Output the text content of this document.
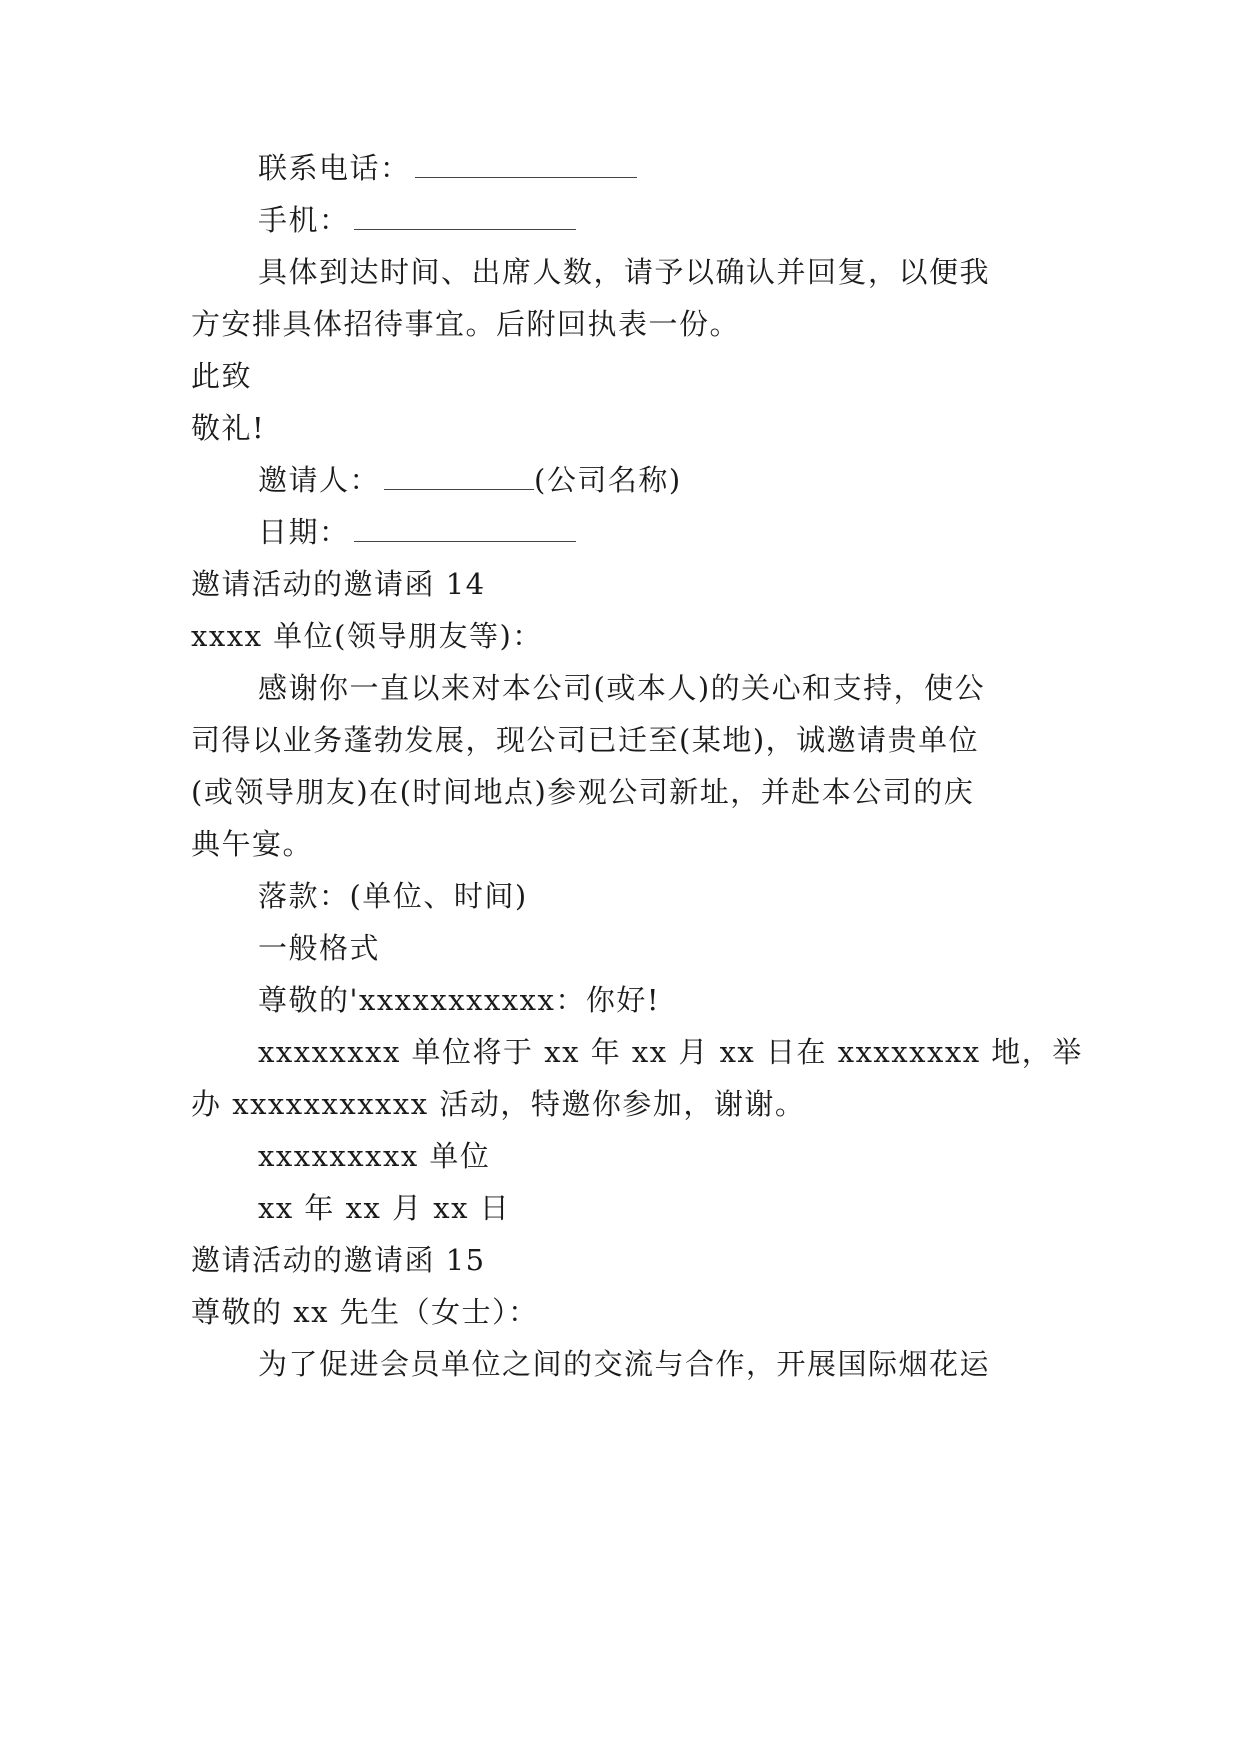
联系电话：
手机：
具体到达时间、出席人数，请予以确认并回复，以便我
方安排具体招待事宜。后附回执表一份。
此致
敬礼!
邀请人：	(公司名称)
日期：
邀请活动的邀请函 14
xxxx 单位(领导朋友等)：
感谢你一直以来对本公司(或本人)的关心和支持，使公
司得以业务蓬勃发展，现公司已迁至(某地)，诚邀请贵单位
(或领导朋友)在(时间地点)参观公司新址，并赴本公司的庆
典午宴。
落款：(单位、时间)
一般格式
尊敬的'xxxxxxxxxxx：你好!
xxxxxxxx 单位将于 xx 年 xx 月 xx 日在 xxxxxxxx 地，举
办 xxxxxxxxxxx 活动，特邀你参加，谢谢。
xxxxxxxxx 单位
xx 年 xx 月 xx 日
邀请活动的邀请函 15
尊敬的 xx 先生（女士）：
为了促进会员单位之间的交流与合作，开展国际烟花运
